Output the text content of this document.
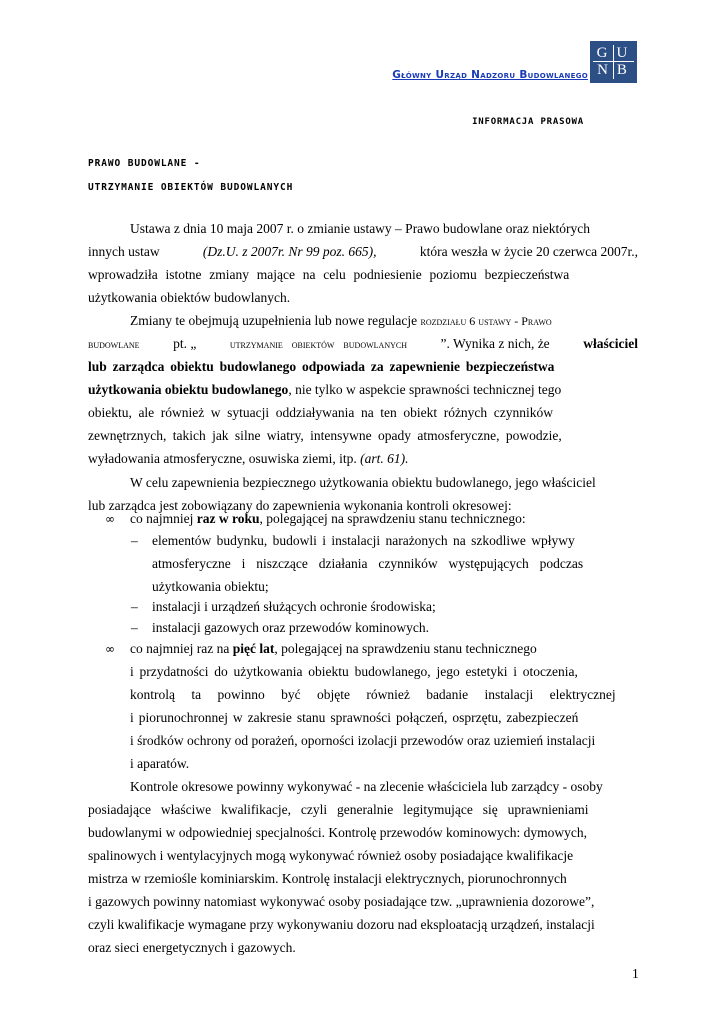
Główny Urząd Nadzoru Budowlanego
GU
NB
INFORMACJA PRASOWA
PRAWO BUDOWLANE -
UTRZYMANIE OBIEKTÓW BUDOWLANYCH
Ustawa z dnia 10 maja 2007 r. o zmianie ustawy – Prawo budowlane oraz niektórych
innych ustaw	(Dz.U. z 2007r. Nr 99 poz. 665),	która weszła w życie 20 czerwca 2007r.,
wprowadziła istotne zmiany mające na celu podniesienie poziomu bezpieczeństwa
użytkowania obiektów budowlanych.
Zmiany te obejmują uzupełnienia lub nowe regulacje rozdziału 6 ustawy - Prawo
budowlane pt. „	utrzymanie obiektów budowlanych ”. Wynika z nich, że właściciel
lub zarządca obiektu budowlanego odpowiada za zapewnienie bezpieczeństwa
użytkowania obiektu budowlanego, nie tylko w aspekcie sprawności technicznej tego
obiektu, ale również w sytuacji oddziaływania na ten obiekt różnych czynników
zewnętrznych, takich jak silne wiatry, intensywne opady atmosferyczne, powodzie,
wyładowania atmosferyczne, osuwiska ziemi, itp. (art. 61).
W celu zapewnienia bezpiecznego użytkowania obiektu budowlanego, jego właściciel
lub zarządca jest zobowiązany do zapewnienia wykonania kontroli okresowej:
∞ co najmniej raz w roku, polegającej na sprawdzeniu stanu technicznego:
– elementów budynku, budowli i instalacji narażonych na szkodliwe wpływy
atmosferyczne i niszczące działania czynników występujących podczas
użytkowania obiektu;
– instalacji i urządzeń służących ochronie środowiska;
– instalacji gazowych oraz przewodów kominowych.
∞ co najmniej raz na pięć lat, polegającej na sprawdzeniu stanu technicznego
i przydatności do użytkowania obiektu budowlanego, jego estetyki i otoczenia,
kontrolą ta powinno być objęte również badanie instalacji elektrycznej
i piorunochronnej w zakresie stanu sprawności połączeń, osprzętu, zabezpieczeń
i środków ochrony od porażeń, oporności izolacji przewodów oraz uziemień instalacji
i aparatów.
Kontrole okresowe powinny wykonywać - na zlecenie właściciela lub zarządcy - osoby
posiadające właściwe kwalifikacje, czyli generalnie legitymujące się uprawnieniami
budowlanymi w odpowiedniej specjalności. Kontrolę przewodów kominowych: dymowych,
spalinowych i wentylacyjnych mogą wykonywać również osoby posiadające kwalifikacje
mistrza w rzemiośle kominiarskim. Kontrolę instalacji elektrycznych, piorunochronnych
i gazowych powinny natomiast wykonywać osoby posiadające tzw. „uprawnienia dozorowe”,
czyli kwalifikacje wymagane przy wykonywaniu dozoru nad eksploatacją urządzeń, instalacji
oraz sieci energetycznych i gazowych.
1
